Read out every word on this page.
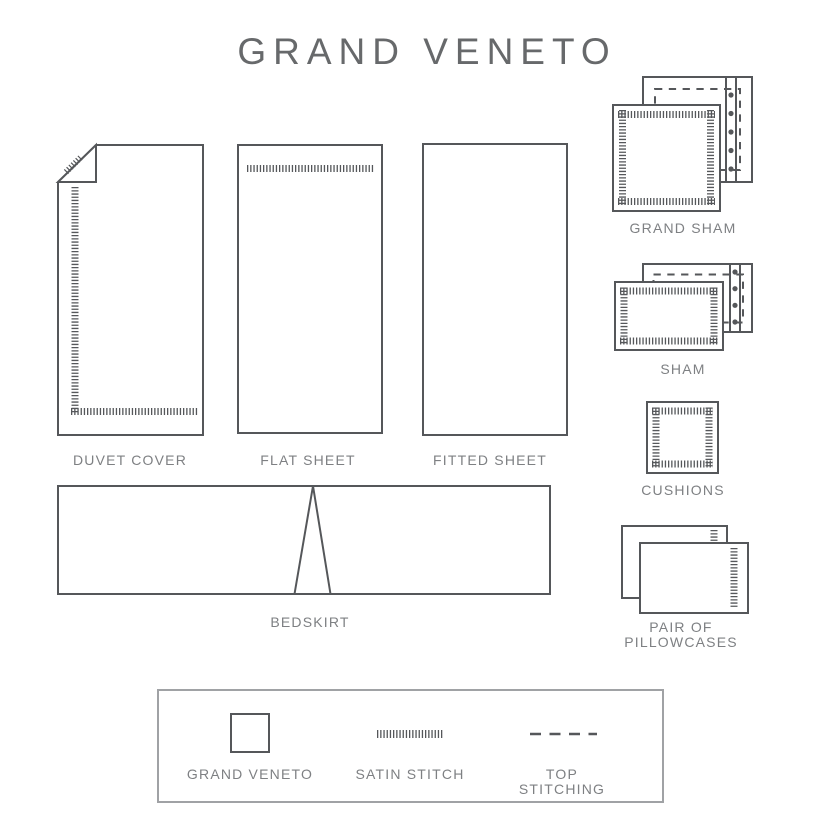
GRAND VENETO
DUVET COVER	FLAT SHEET	FITTED SHEET
GRAND SHAM
SHAM
CUSHIONS
PAIR OF
PILLOWCASES
BEDSKIRT
GRAND VENETO	SATIN STITCH	TOP
STITCHING
